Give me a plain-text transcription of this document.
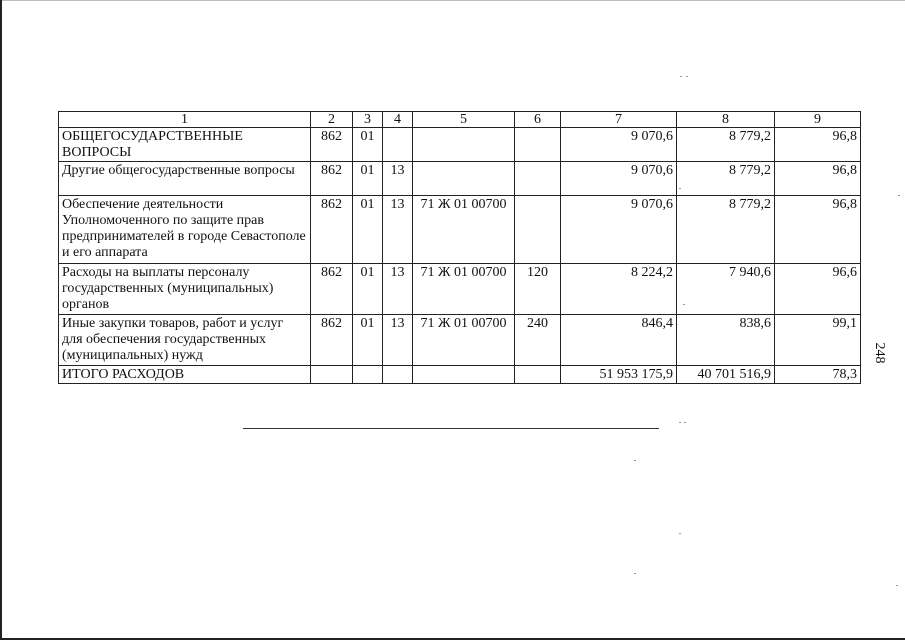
1	2	3	4	5	6	7	8	9
ОБЩЕГОСУДАРСТВЕННЫЕ ВОПРОСЫ	862	01				9 070,6	8 779,2	96,8
Другие общегосударственные вопросы	862	01	13			9 070,6	8 779,2	96,8
Обеспечение деятельности Уполномоченного по защите прав предпринимателей в городе Севастополе и его аппарата	862	01	13	71 Ж 01 00700		9 070,6	8 779,2	96,8
Расходы на выплаты персоналу государственных (муниципальных) органов	862	01	13	71 Ж 01 00700	120	8 224,2	7 940,6	96,6
Иные закупки товаров, работ и услуг для обеспечения государственных (муниципальных) нужд	862	01	13	71 Ж 01 00700	240	846,4	838,6	99,1
ИТОГО РАСХОДОВ						51 953 175,9	40 701 516,9	78,3
248
